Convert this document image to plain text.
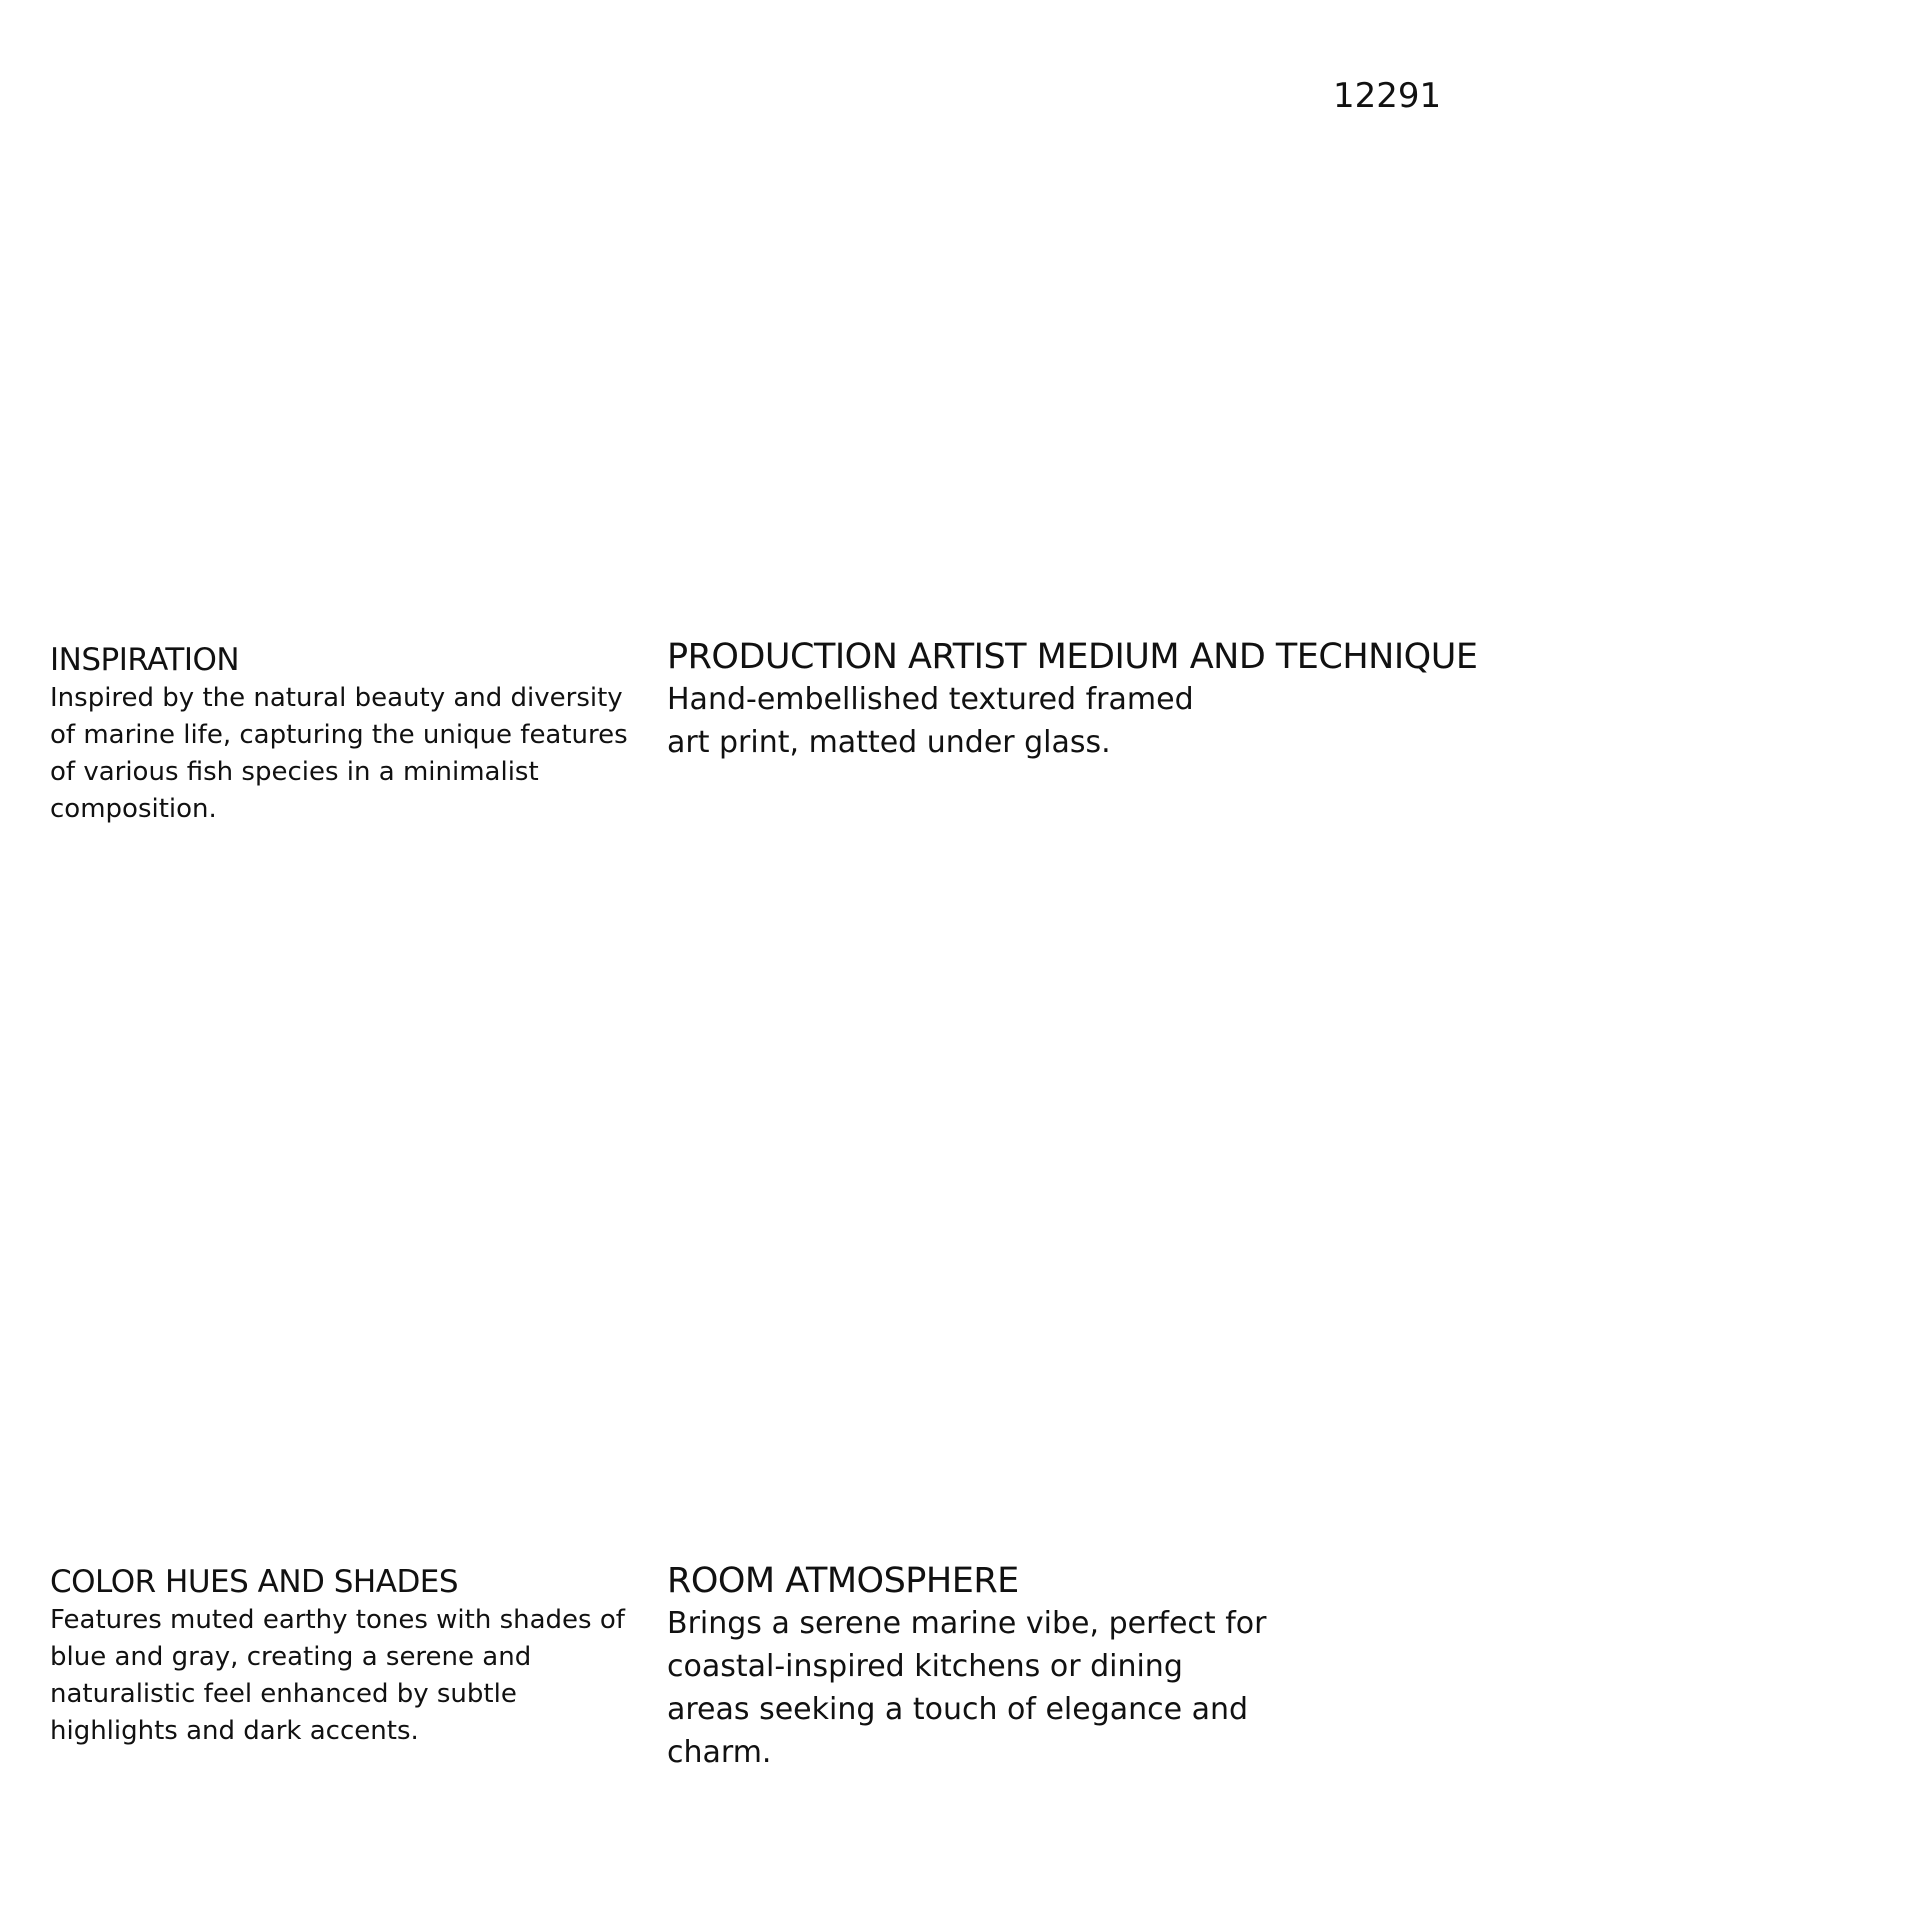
12291
INSPIRATION

Inspired by the natural beauty and diversity of marine life, capturing the unique features of various fish species in a minimalist composition.

PRODUCTION ARTIST MEDIUM AND TECHNIQUE

Hand-embellished textured framed art print, matted under glass.

COLOR HUES AND SHADES

Features muted earthy tones with shades of blue and gray, creating a serene and naturalistic feel enhanced by subtle highlights and dark accents.

ROOM ATMOSPHERE

Brings a serene marine vibe, perfect for coastal-inspired kitchens or dining areas seeking a touch of elegance and charm.
